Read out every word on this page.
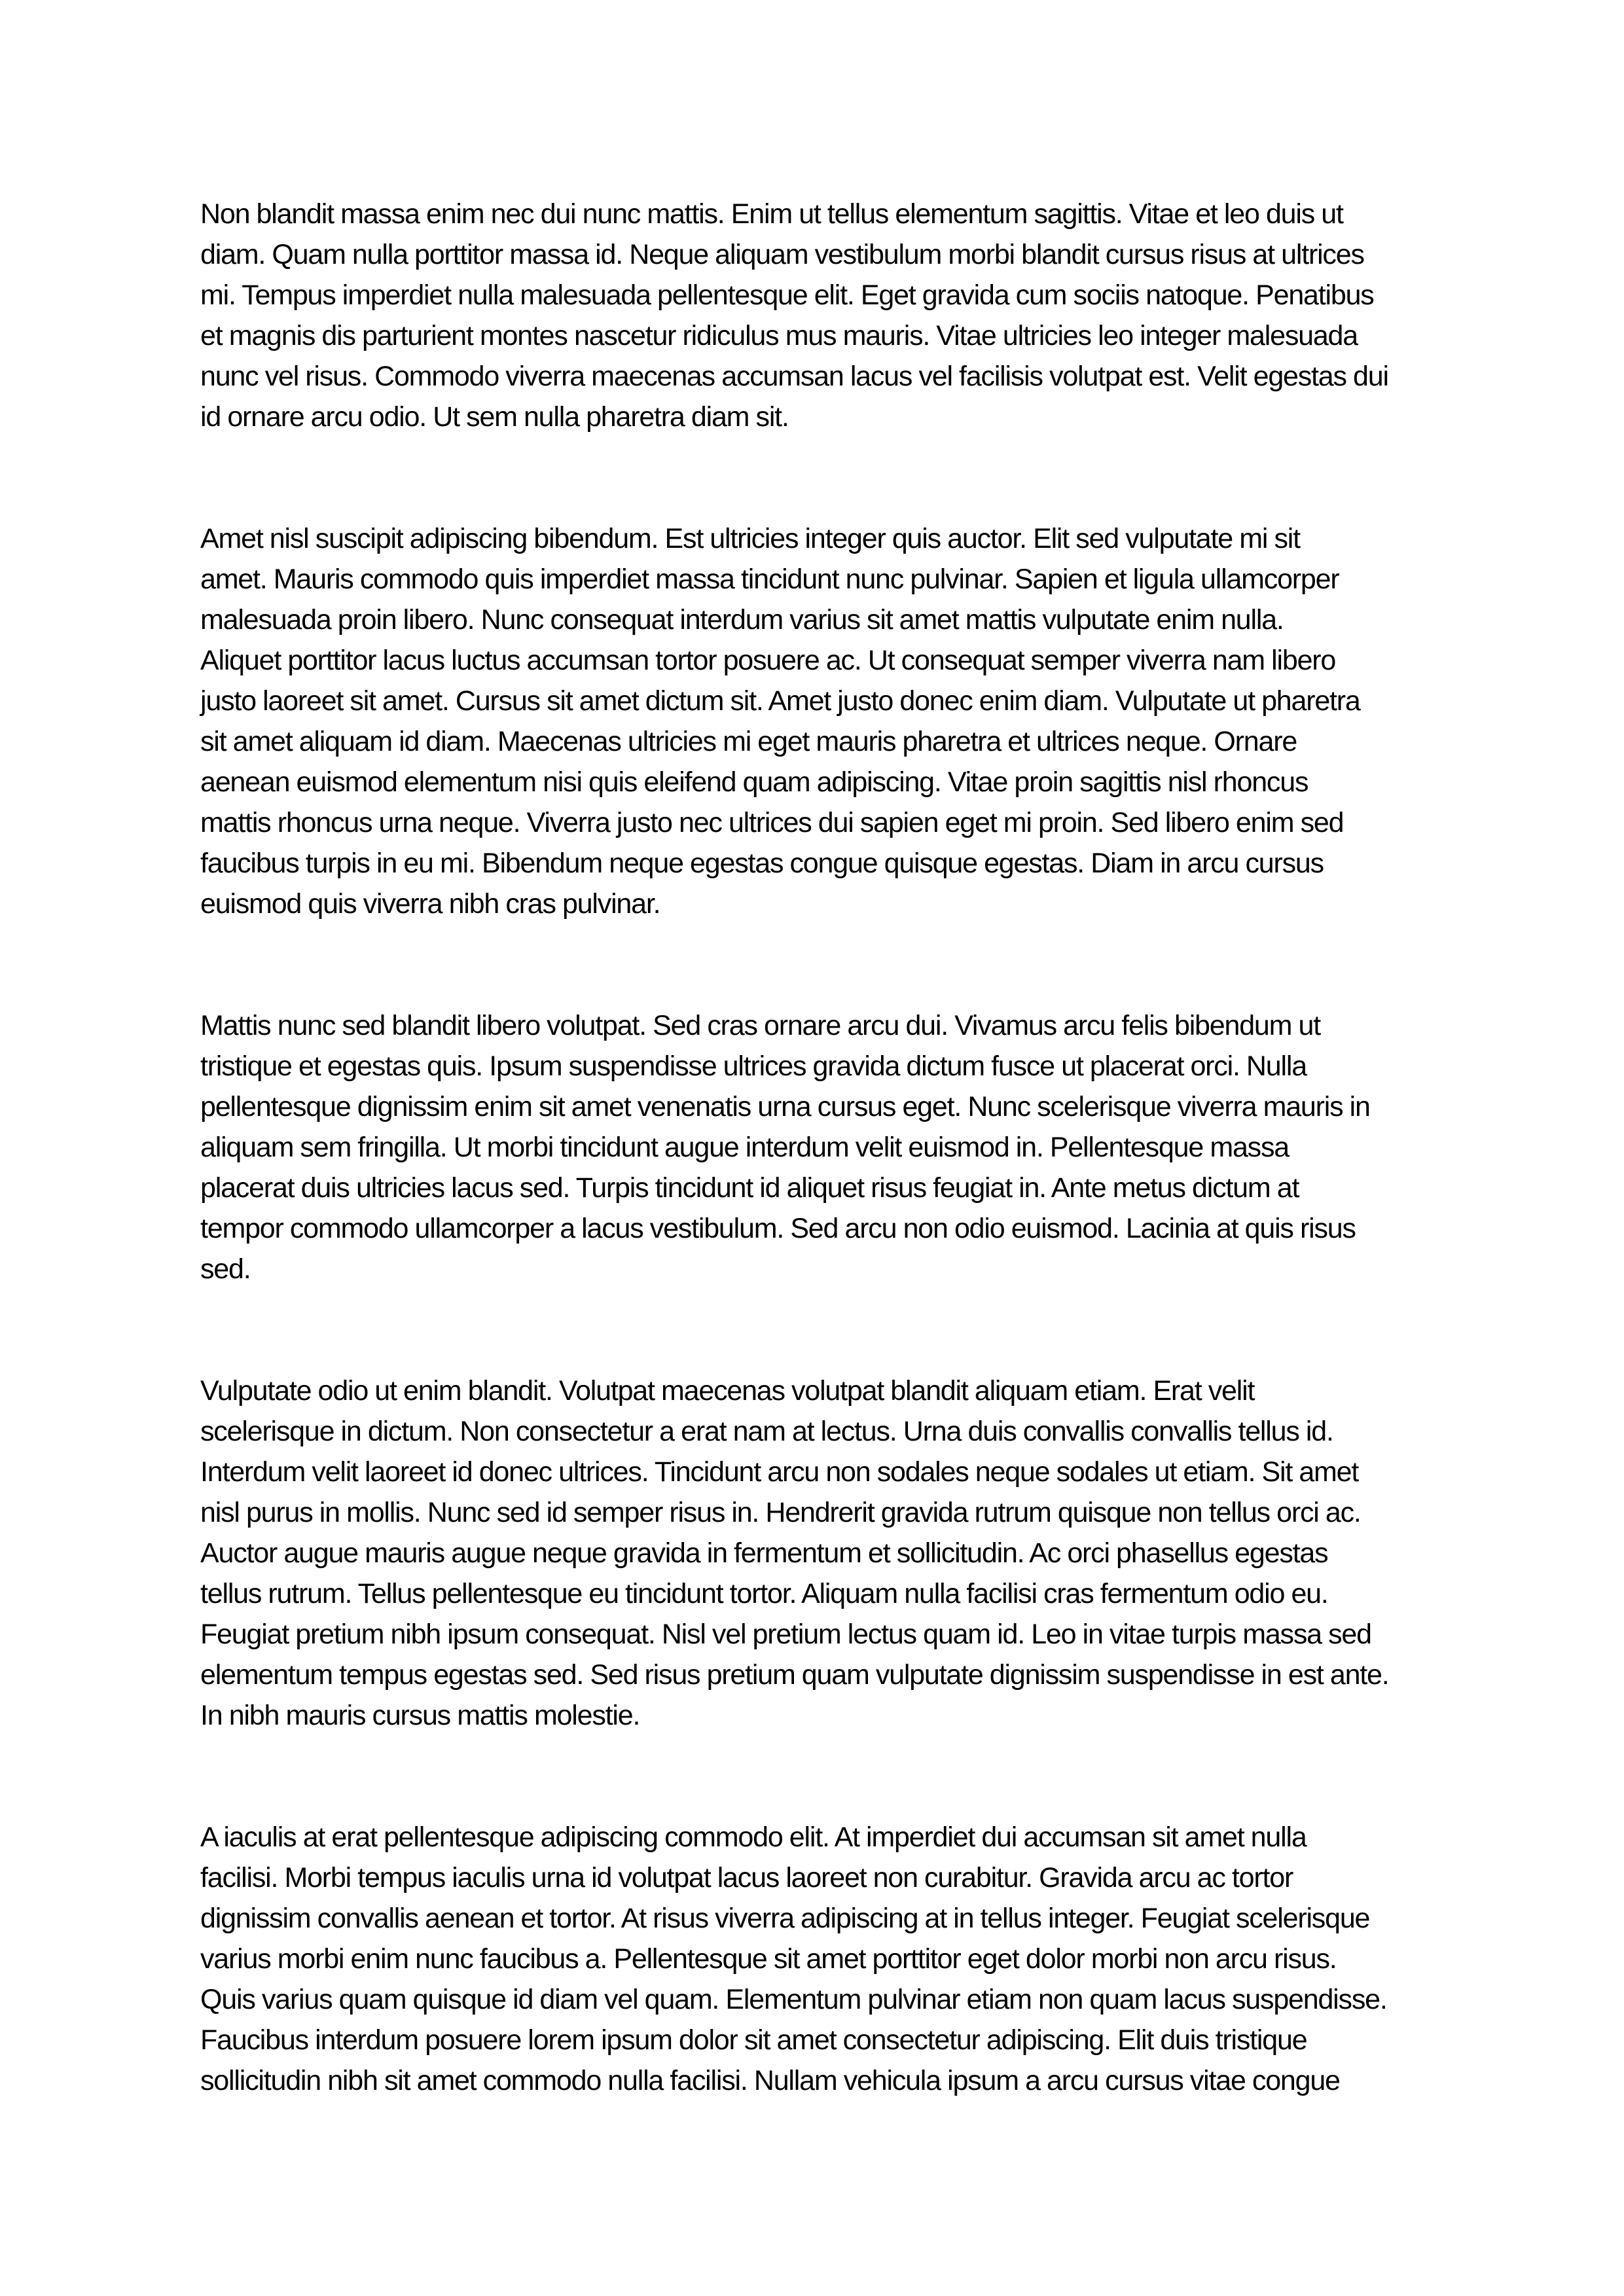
Non blandit massa enim nec dui nunc mattis. Enim ut tellus elementum sagittis. Vitae et leo duis ut
diam. Quam nulla porttitor massa id. Neque aliquam vestibulum morbi blandit cursus risus at ultrices
mi. Tempus imperdiet nulla malesuada pellentesque elit. Eget gravida cum sociis natoque. Penatibus
et magnis dis parturient montes nascetur ridiculus mus mauris. Vitae ultricies leo integer malesuada
nunc vel risus. Commodo viverra maecenas accumsan lacus vel facilisis volutpat est. Velit egestas dui
id ornare arcu odio. Ut sem nulla pharetra diam sit.

Amet nisl suscipit adipiscing bibendum. Est ultricies integer quis auctor. Elit sed vulputate mi sit
amet. Mauris commodo quis imperdiet massa tincidunt nunc pulvinar. Sapien et ligula ullamcorper
malesuada proin libero. Nunc consequat interdum varius sit amet mattis vulputate enim nulla.
Aliquet porttitor lacus luctus accumsan tortor posuere ac. Ut consequat semper viverra nam libero
justo laoreet sit amet. Cursus sit amet dictum sit. Amet justo donec enim diam. Vulputate ut pharetra
sit amet aliquam id diam. Maecenas ultricies mi eget mauris pharetra et ultrices neque. Ornare
aenean euismod elementum nisi quis eleifend quam adipiscing. Vitae proin sagittis nisl rhoncus
mattis rhoncus urna neque. Viverra justo nec ultrices dui sapien eget mi proin. Sed libero enim sed
faucibus turpis in eu mi. Bibendum neque egestas congue quisque egestas. Diam in arcu cursus
euismod quis viverra nibh cras pulvinar.

Mattis nunc sed blandit libero volutpat. Sed cras ornare arcu dui. Vivamus arcu felis bibendum ut
tristique et egestas quis. Ipsum suspendisse ultrices gravida dictum fusce ut placerat orci. Nulla
pellentesque dignissim enim sit amet venenatis urna cursus eget. Nunc scelerisque viverra mauris in
aliquam sem fringilla. Ut morbi tincidunt augue interdum velit euismod in. Pellentesque massa
placerat duis ultricies lacus sed. Turpis tincidunt id aliquet risus feugiat in. Ante metus dictum at
tempor commodo ullamcorper a lacus vestibulum. Sed arcu non odio euismod. Lacinia at quis risus
sed.

Vulputate odio ut enim blandit. Volutpat maecenas volutpat blandit aliquam etiam. Erat velit
scelerisque in dictum. Non consectetur a erat nam at lectus. Urna duis convallis convallis tellus id.
Interdum velit laoreet id donec ultrices. Tincidunt arcu non sodales neque sodales ut etiam. Sit amet
nisl purus in mollis. Nunc sed id semper risus in. Hendrerit gravida rutrum quisque non tellus orci ac.
Auctor augue mauris augue neque gravida in fermentum et sollicitudin. Ac orci phasellus egestas
tellus rutrum. Tellus pellentesque eu tincidunt tortor. Aliquam nulla facilisi cras fermentum odio eu.
Feugiat pretium nibh ipsum consequat. Nisl vel pretium lectus quam id. Leo in vitae turpis massa sed
elementum tempus egestas sed. Sed risus pretium quam vulputate dignissim suspendisse in est ante.
In nibh mauris cursus mattis molestie.

A iaculis at erat pellentesque adipiscing commodo elit. At imperdiet dui accumsan sit amet nulla
facilisi. Morbi tempus iaculis urna id volutpat lacus laoreet non curabitur. Gravida arcu ac tortor
dignissim convallis aenean et tortor. At risus viverra adipiscing at in tellus integer. Feugiat scelerisque
varius morbi enim nunc faucibus a. Pellentesque sit amet porttitor eget dolor morbi non arcu risus.
Quis varius quam quisque id diam vel quam. Elementum pulvinar etiam non quam lacus suspendisse.
Faucibus interdum posuere lorem ipsum dolor sit amet consectetur adipiscing. Elit duis tristique
sollicitudin nibh sit amet commodo nulla facilisi. Nullam vehicula ipsum a arcu cursus vitae congue
